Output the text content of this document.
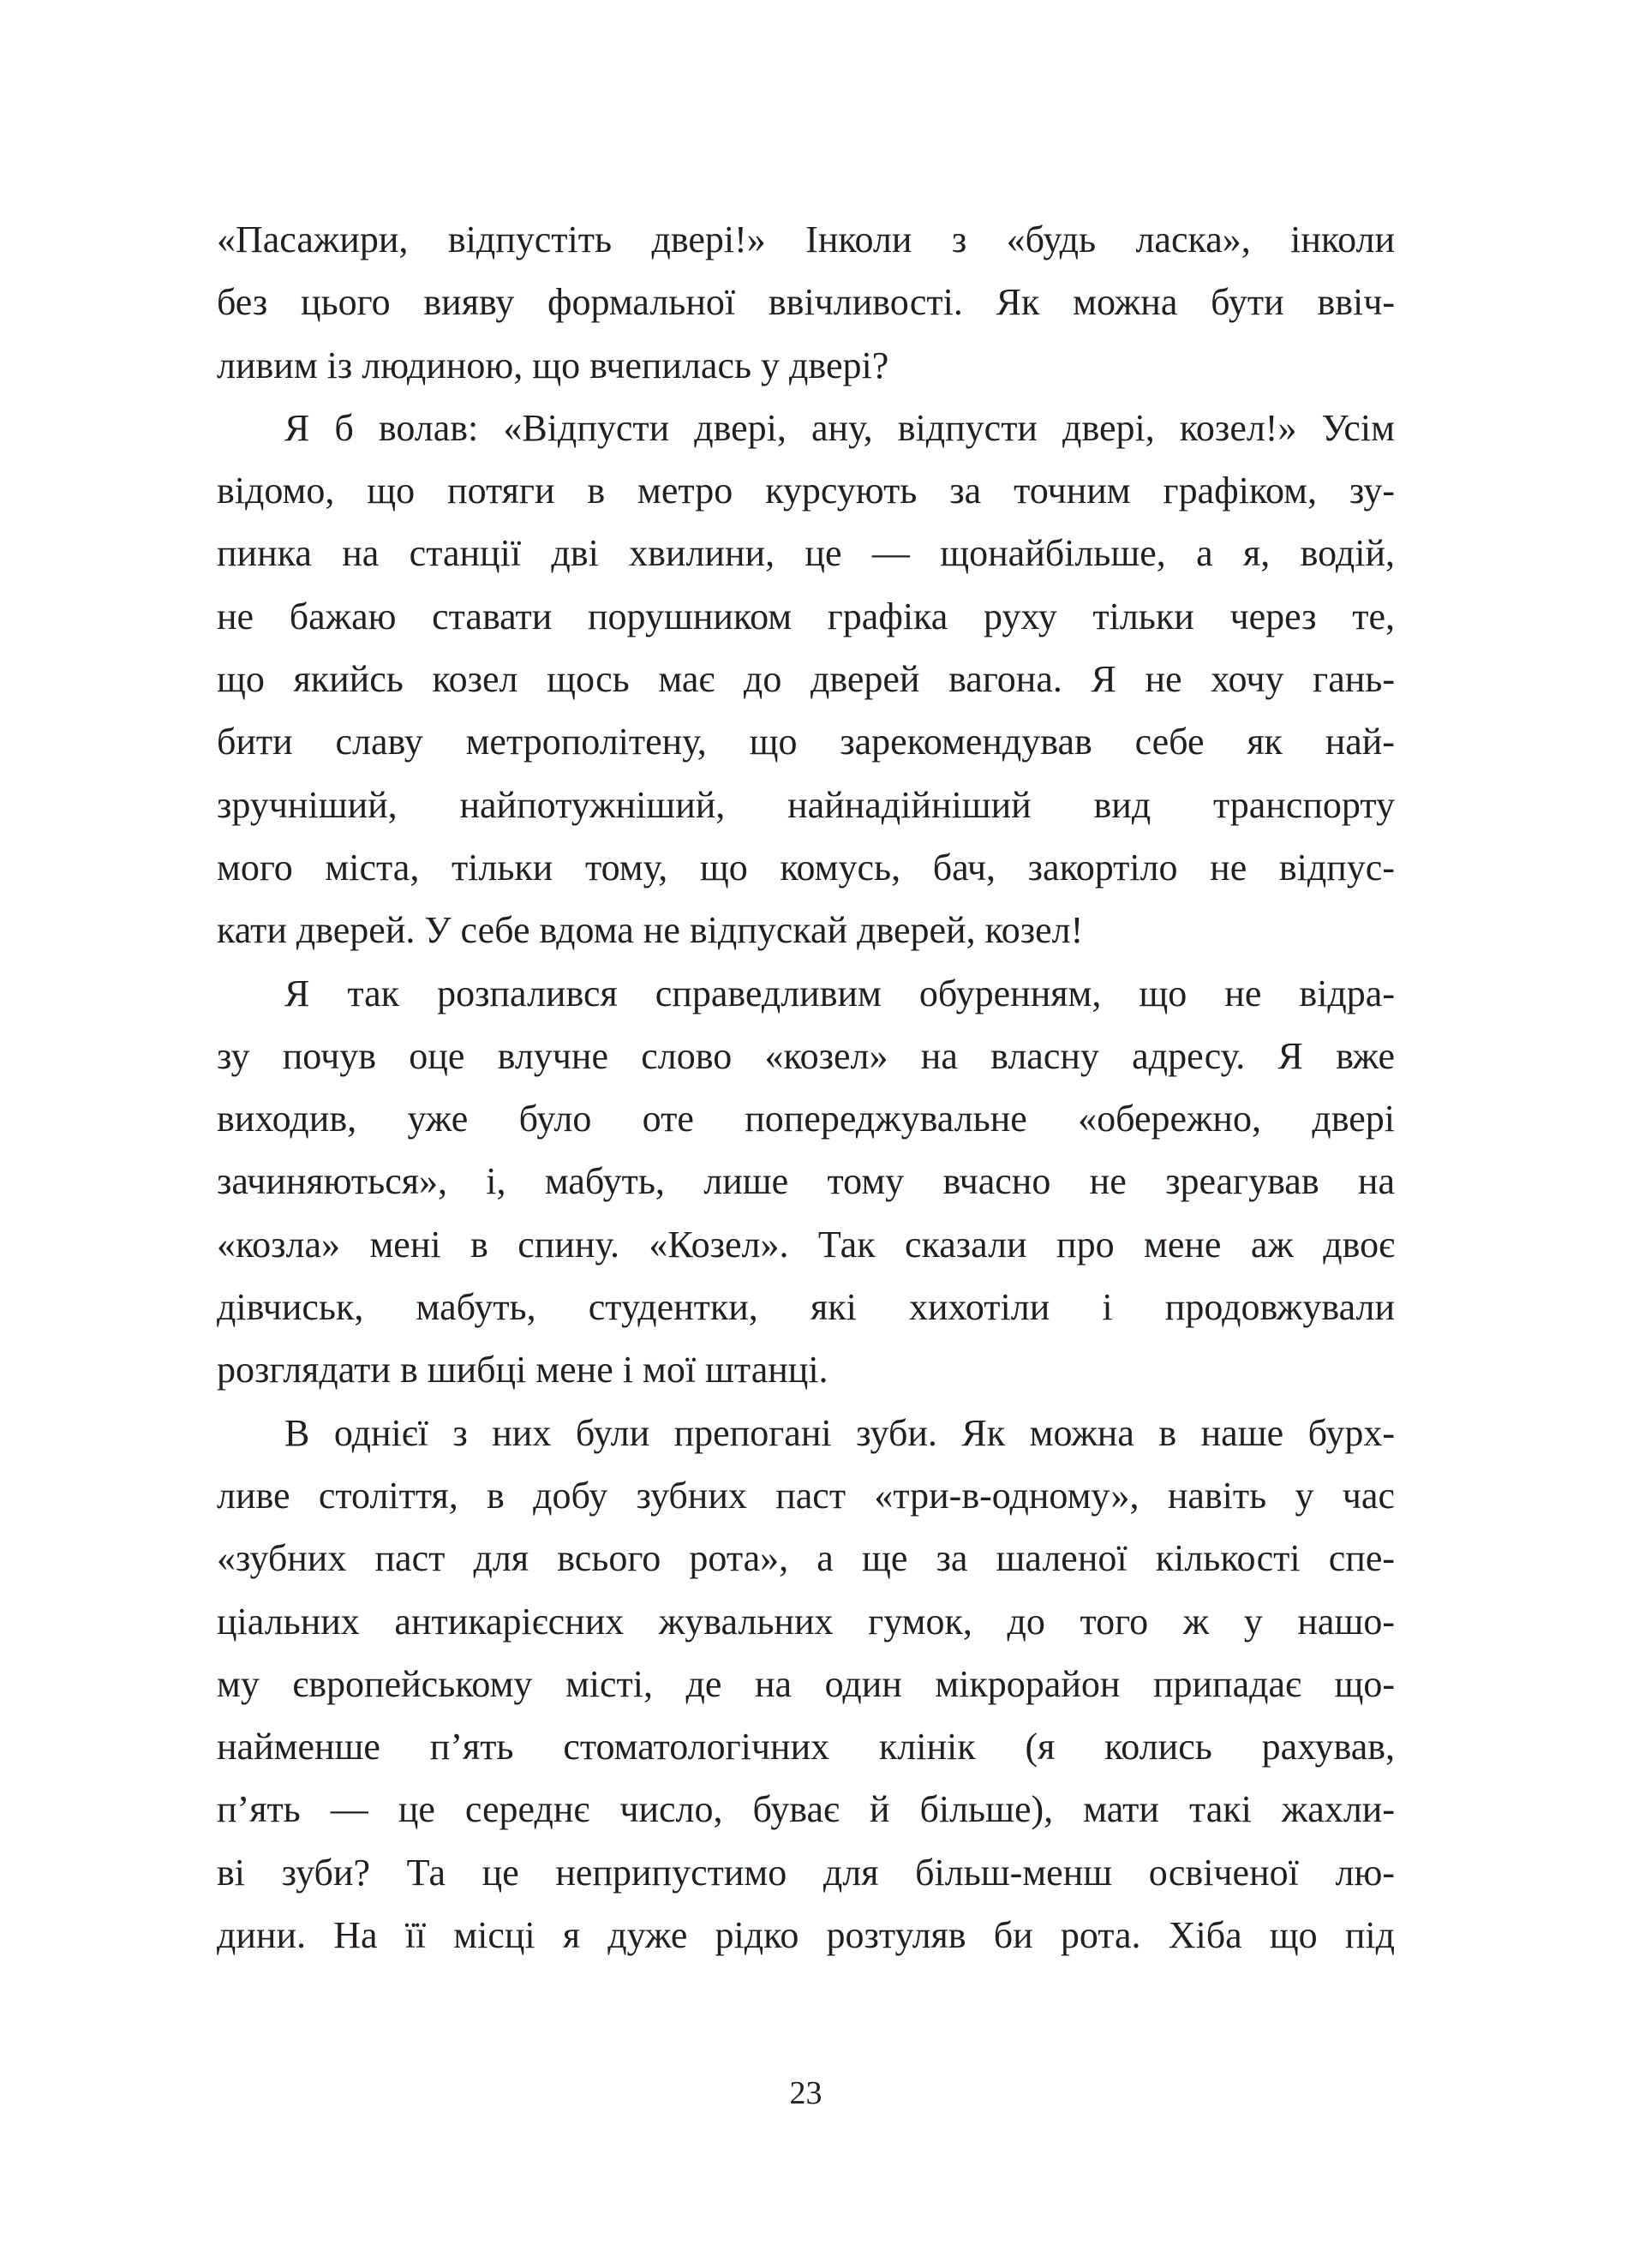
«Пасажири, відпустіть двері!» Інколи з «будь ласка», інколи
без цього вияву формальної ввічливості. Як можна бути ввіч-
ливим із людиною, що вчепилась у двері?
Я б волав: «Відпусти двері, ану, відпусти двері, козел!» Усім
відомо, що потяги в метро курсують за точним графіком, зу-
пинка на станції дві хвилини, це — щонайбільше, а я, водій,
не бажаю ставати порушником графіка руху тільки через те,
що якийсь козел щось має до дверей вагона. Я не хочу гань-
бити славу метрополітену, що зарекомендував себе як най-
зручніший, найпотужніший, найнадійніший вид транспорту
мого міста, тільки тому, що комусь, бач, закортіло не відпус-
кати дверей. У себе вдома не відпускай дверей, козел!
Я так розпалився справедливим обуренням, що не відра-
зу почув оце влучне слово «козел» на власну адресу. Я вже
виходив, уже було оте попереджувальне «обережно, двері
зачиняються», і, мабуть, лише тому вчасно не зреагував на
«козла» мені в спину. «Козел». Так сказали про мене аж двоє
дівчиськ, мабуть, студентки, які хихотіли і продовжували
розглядати в шибці мене і мої штанці.
В однієї з них були препогані зуби. Як можна в наше бурх-
ливе століття, в добу зубних паст «три-в-одному», навіть у час
«зубних паст для всього рота», а ще за шаленої кількості спе-
ціальних антикарієсних жувальних гумок, до того ж у нашо-
му європейському місті, де на один мікрорайон припадає що-
найменше п’ять стоматологічних клінік (я колись рахував,
п’ять — це середнє число, буває й більше), мати такі жахли-
ві зуби? Та це неприпустимо для більш-менш освіченої лю-
дини. На її місці я дуже рідко розтуляв би рота. Хіба що під
23
